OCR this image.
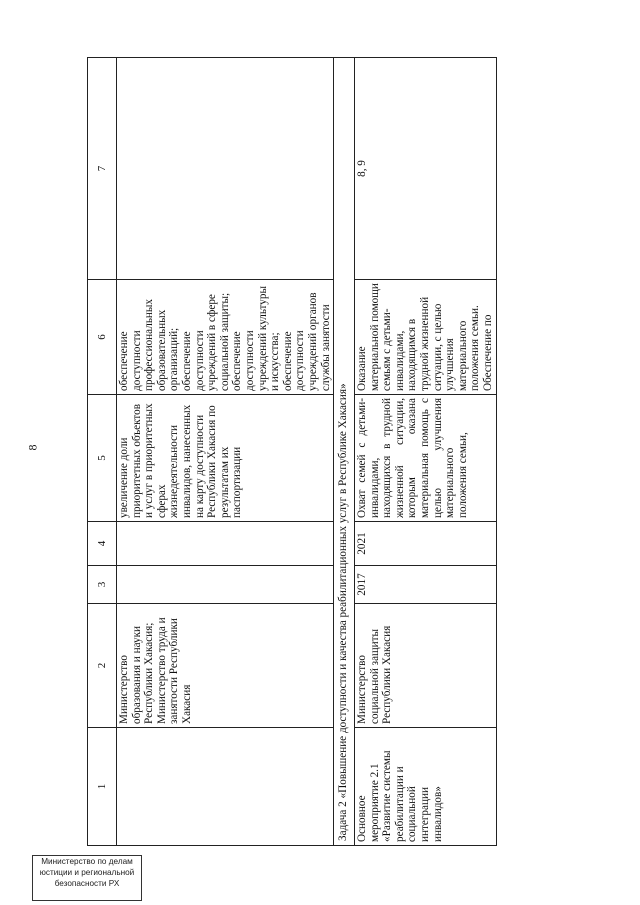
8
1	2	3	4	5	6	7
	Министерство образования и науки Республики Хакасия; Министерство труда и занятости Республики Хакасия			увеличение доли приоритетных объектов и услуг в приоритетных сферах жизнедеятельности инвалидов, нанесенных на карту доступности Республики Хакасия по результатам их паспортизации	обеспечение доступности профессиональных образовательных организаций; обеспечение доступности учреждений в сфере социальной защиты; обеспечение доступности учреждений культуры и искусства; обеспечение доступности учреждений органов службы занятости	
Задача 2 «Повышение доступности и качества реабилитационных услуг в Республике Хакасия»						
Основное мероприятие 2.1 «Развитие системы реабилитации и социальной интеграции инвалидов»	Министерство социальной защиты Республики Хакасия	2017	2021	Охват семей с детьми-инвалидами, находящихся в трудной жизненной ситуации, которым оказана материальная помощь с целью улучшения материального положения семьи,	Оказание материальной помощи семьям с детьми-инвалидами, находящимся в трудной жизненной ситуации, с целью улучшения материального положения семьи. Обеспечение по	8, 9
Министерство по делам
юстиции и региональной
безопасности РХ
